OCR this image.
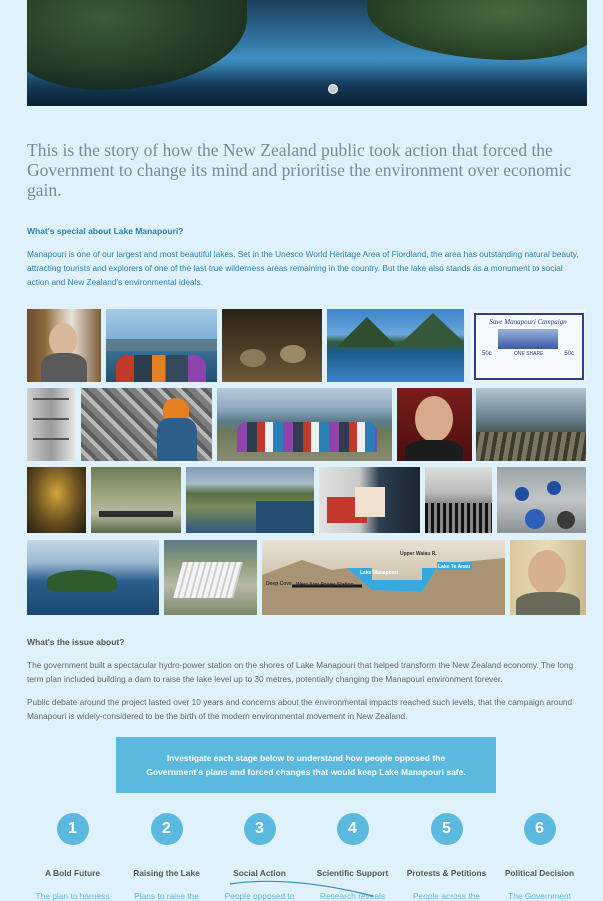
This is the story of how the New Zealand public took action that forced the Government to change its mind and prioritise the environment over economic gain.
What's special about Lake Manapouri?
Manapouri is one of our largest and most beautiful lakes. Set in the Unesco World Heritage Area of Fiordland, the area has outstanding natural beauty, attracting tourists and explorers of one of the last true wilderness areas remaining in the country. But the lake also stands as a monument to social action and New Zealand's environmental ideals.
Save Manapouri Campaign
50c	ONE SHARE	50c
Upper Waiau R.
Lake Manapouri
Lake Te Anau
Deep Cove West Arm Power Station
What's the issue about?
The government built a spectacular hydro-power station on the shores of Lake Manapouri that helped transform the New Zealand economy. The long term plan included building a dam to raise the lake level up to 30 metres, potentially changing the Manapouri environment forever.
Public debate around the project lasted over 10 years and concerns about the environmental impacts reached such levels, that the campaign around Manapouri is widely-considered to be the birth of the modern environmental movement in New Zealand.
Investigate each stage below to understand how people opposed the
Government's plans and forced changes that would keep Lake Manapouri safe.
1
A Bold Future
The plan to harness
2
Raising the Lake
Plans to raise the
3
Social Action
People opposed to
4
Scientific Support
Research reveals
5
Protests & Petitions
People across the
6
Political Decision
The Government
